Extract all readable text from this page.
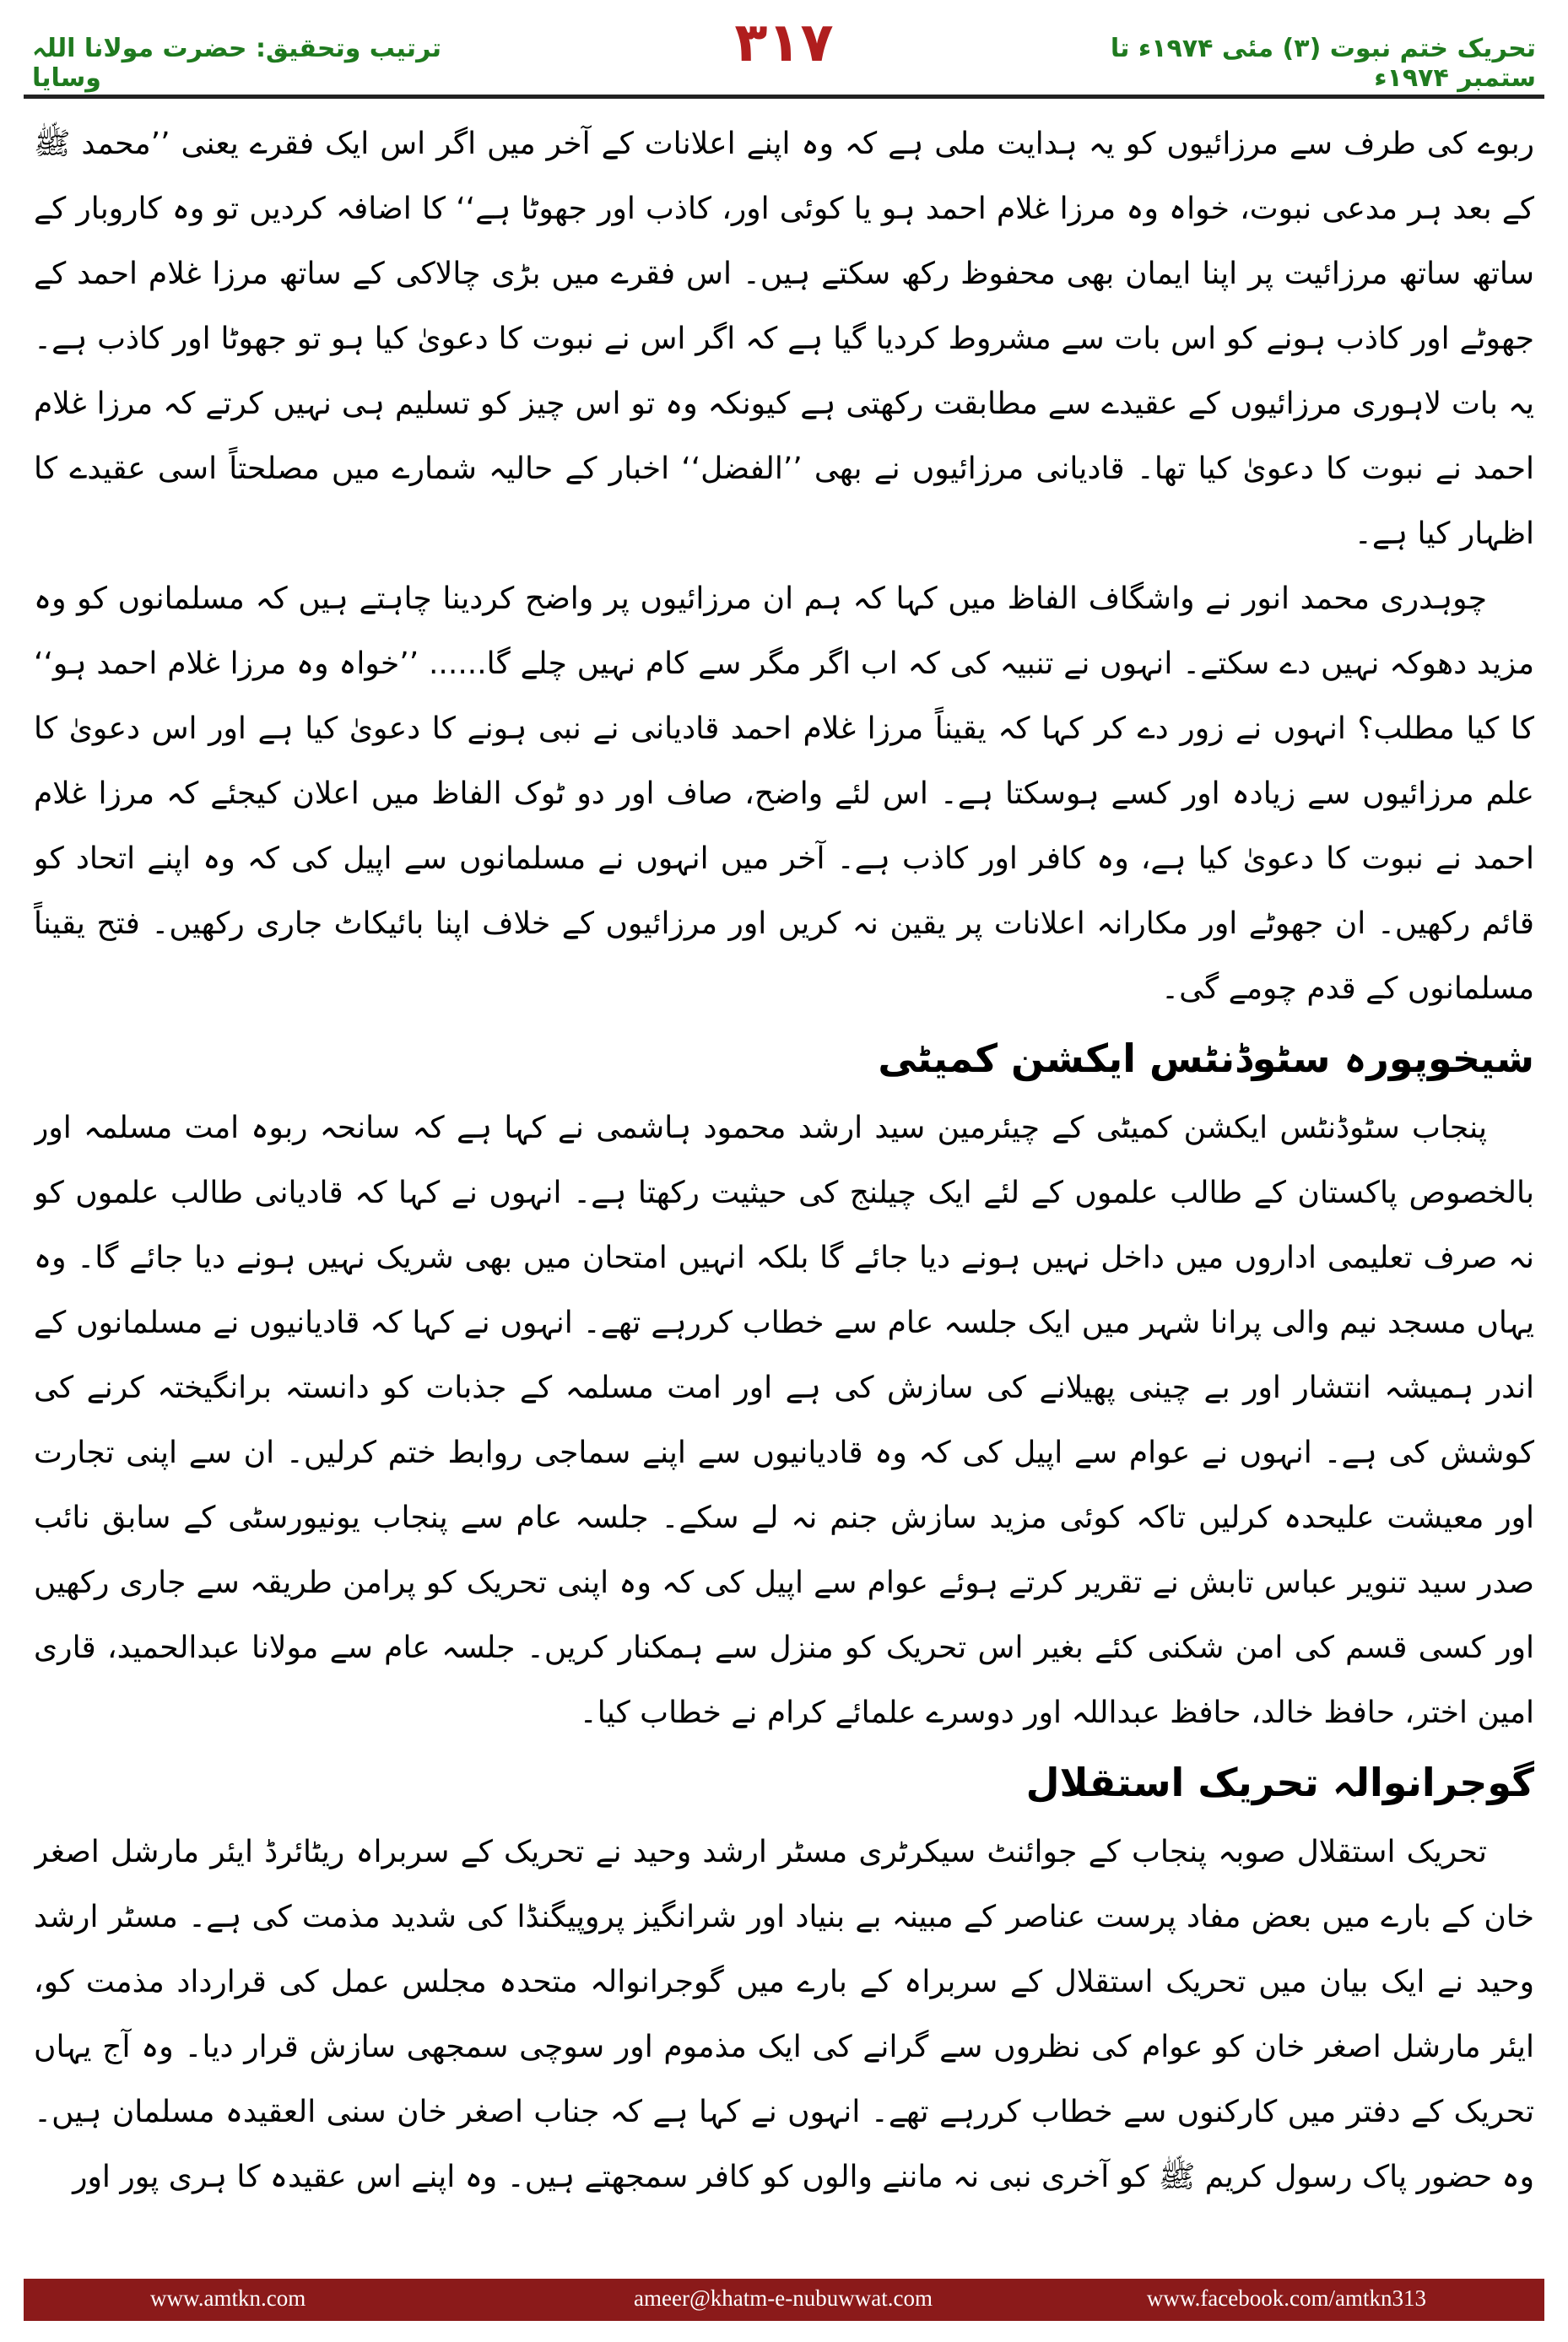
تحریک ختم نبوت (۳) مئی ۱۹۷۴ء تا ستمبر ۱۹۷۴ء
۳۱۷
ترتیب وتحقیق: حضرت مولانا اللہ وسایا

ربوے کی طرف سے مرزائیوں کو یہ ہدایت ملی ہے کہ وہ اپنے اعلانات کے آخر میں اگر اس ایک فقرے یعنی ’’محمد ﷺ کے بعد ہر مدعی نبوت، خواہ وہ مرزا غلام احمد ہو یا کوئی اور، کاذب اور جھوٹا ہے‘‘ کا اضافہ کردیں تو وہ کاروبار کے ساتھ ساتھ مرزائیت پر اپنا ایمان بھی محفوظ رکھ سکتے ہیں۔ اس فقرے میں بڑی چالاکی کے ساتھ مرزا غلام احمد کے جھوٹے اور کاذب ہونے کو اس بات سے مشروط کردیا گیا ہے کہ اگر اس نے نبوت کا دعویٰ کیا ہو تو جھوٹا اور کاذب ہے۔ یہ بات لاہوری مرزائیوں کے عقیدے سے مطابقت رکھتی ہے کیونکہ وہ تو اس چیز کو تسلیم ہی نہیں کرتے کہ مرزا غلام احمد نے نبوت کا دعویٰ کیا تھا۔ قادیانی مرزائیوں نے بھی ’’الفضل‘‘ اخبار کے حالیہ شمارے میں مصلحتاً اسی عقیدے کا اظہار کیا ہے۔

چوہدری محمد انور نے واشگاف الفاظ میں کہا کہ ہم ان مرزائیوں پر واضح کردینا چاہتے ہیں کہ مسلمانوں کو وہ مزید دھوکہ نہیں دے سکتے۔ انہوں نے تنبیہ کی کہ اب اگر مگر سے کام نہیں چلے گا...... ’’خواہ وہ مرزا غلام احمد ہو‘‘ کا کیا مطلب؟ انہوں نے زور دے کر کہا کہ یقیناً مرزا غلام احمد قادیانی نے نبی ہونے کا دعویٰ کیا ہے اور اس دعویٰ کا علم مرزائیوں سے زیادہ اور کسے ہوسکتا ہے۔ اس لئے واضح، صاف اور دو ٹوک الفاظ میں اعلان کیجئے کہ مرزا غلام احمد نے نبوت کا دعویٰ کیا ہے، وہ کافر اور کاذب ہے۔ آخر میں انہوں نے مسلمانوں سے اپیل کی کہ وہ اپنے اتحاد کو قائم رکھیں۔ ان جھوٹے اور مکارانہ اعلانات پر یقین نہ کریں اور مرزائیوں کے خلاف اپنا بائیکاٹ جاری رکھیں۔ فتح یقیناً مسلمانوں کے قدم چومے گی۔

شیخوپورہ سٹوڈنٹس ایکشن کمیٹی

پنجاب سٹوڈنٹس ایکشن کمیٹی کے چیئرمین سید ارشد محمود ہاشمی نے کہا ہے کہ سانحہ ربوہ امت مسلمہ اور بالخصوص پاکستان کے طالب علموں کے لئے ایک چیلنج کی حیثیت رکھتا ہے۔ انہوں نے کہا کہ قادیانی طالب علموں کو نہ صرف تعلیمی اداروں میں داخل نہیں ہونے دیا جائے گا بلکہ انہیں امتحان میں بھی شریک نہیں ہونے دیا جائے گا۔ وہ یہاں مسجد نیم والی پرانا شہر میں ایک جلسہ عام سے خطاب کررہے تھے۔ انہوں نے کہا کہ قادیانیوں نے مسلمانوں کے اندر ہمیشہ انتشار اور بے چینی پھیلانے کی سازش کی ہے اور امت مسلمہ کے جذبات کو دانستہ برانگیختہ کرنے کی کوشش کی ہے۔ انہوں نے عوام سے اپیل کی کہ وہ قادیانیوں سے اپنے سماجی روابط ختم کرلیں۔ ان سے اپنی تجارت اور معیشت علیحدہ کرلیں تاکہ کوئی مزید سازش جنم نہ لے سکے۔ جلسہ عام سے پنجاب یونیورسٹی کے سابق نائب صدر سید تنویر عباس تابش نے تقریر کرتے ہوئے عوام سے اپیل کی کہ وہ اپنی تحریک کو پرامن طریقہ سے جاری رکھیں اور کسی قسم کی امن شکنی کئے بغیر اس تحریک کو منزل سے ہمکنار کریں۔ جلسہ عام سے مولانا عبدالحمید، قاری امین اختر، حافظ خالد، حافظ عبداللہ اور دوسرے علمائے کرام نے خطاب کیا۔

گوجرانوالہ تحریک استقلال

تحریک استقلال صوبہ پنجاب کے جوائنٹ سیکرٹری مسٹر ارشد وحید نے تحریک کے سربراہ ریٹائرڈ ایئر مارشل اصغر خان کے بارے میں بعض مفاد پرست عناصر کے مبینہ بے بنیاد اور شرانگیز پروپیگنڈا کی شدید مذمت کی ہے۔ مسٹر ارشد وحید نے ایک بیان میں تحریک استقلال کے سربراہ کے بارے میں گوجرانوالہ متحدہ مجلس عمل کی قرارداد مذمت کو، ایئر مارشل اصغر خان کو عوام کی نظروں سے گرانے کی ایک مذموم اور سوچی سمجھی سازش قرار دیا۔ وہ آج یہاں تحریک کے دفتر میں کارکنوں سے خطاب کررہے تھے۔ انہوں نے کہا ہے کہ جناب اصغر خان سنی العقیدہ مسلمان ہیں۔ وہ حضور پاک رسول کریم ﷺ کو آخری نبی نہ ماننے والوں کو کافر سمجھتے ہیں۔ وہ اپنے اس عقیدہ کا ہری پور اور

www.amtkn.com	ameer@khatm-e-nubuwwat.com	www.facebook.com/amtkn313
